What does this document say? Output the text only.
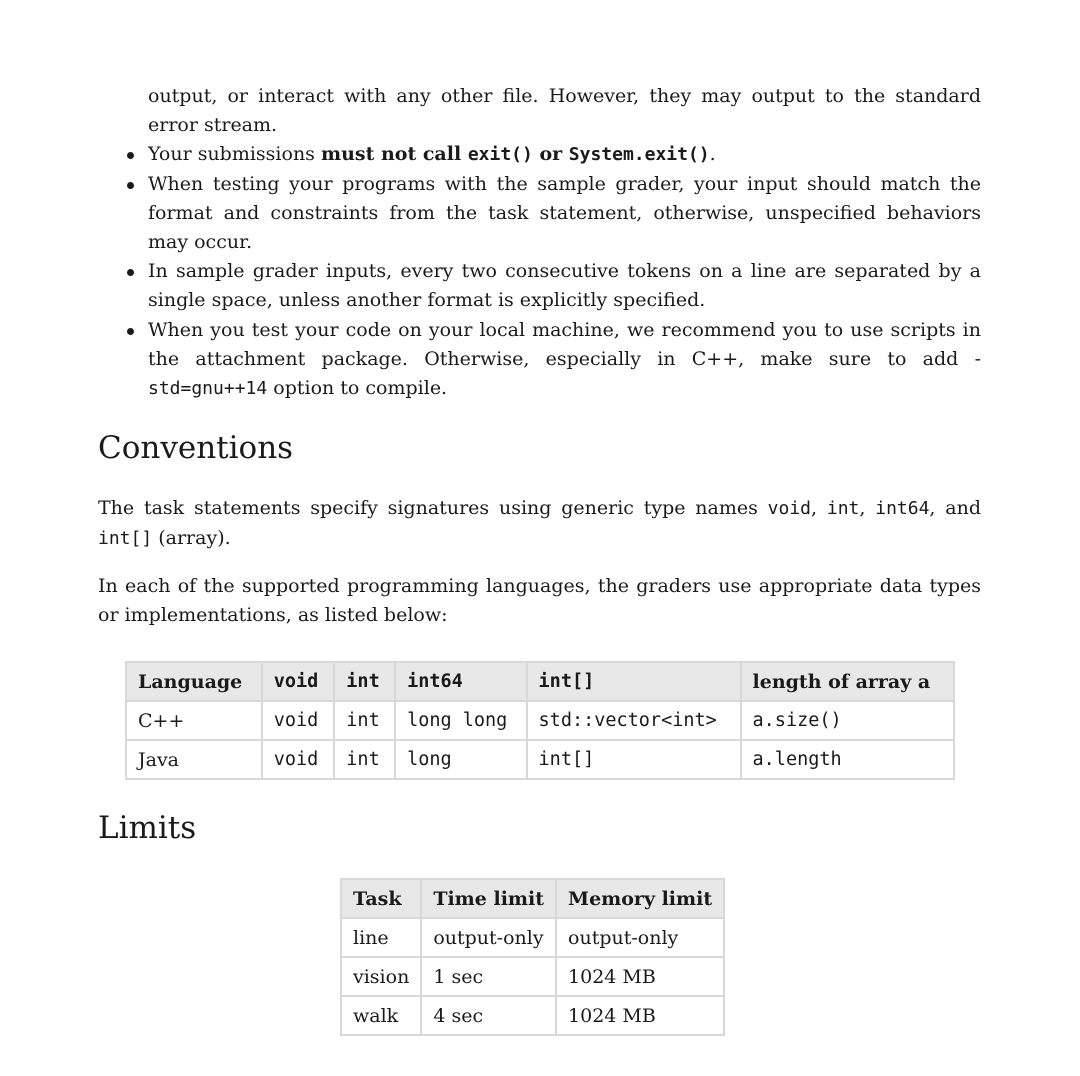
output, or interact with any other file. However, they may output to the standard error stream.
Your submissions must not call exit() or System.exit().
When testing your programs with the sample grader, your input should match the format and constraints from the task statement, otherwise, unspecified behaviors may occur.
In sample grader inputs, every two consecutive tokens on a line are separated by a single space, unless another format is explicitly specified.
When you test your code on your local machine, we recommend you to use scripts in the attachment package. Otherwise, especially in C++, make sure to add -std=gnu++14 option to compile.
Conventions

The task statements specify signatures using generic type names void, int, int64, and int[] (array).

In each of the supported programming languages, the graders use appropriate data types or implementations, as listed below:

Language	void	int	int64	int[]	length of array a
C++	void	int	long long	std::vector<int>	a.size()
Java	void	int	long	int[]	a.length
Limits
Task	Time limit	Memory limit
line	output-only	output-only
vision	1 sec	1024 MB
walk	4 sec	1024 MB
